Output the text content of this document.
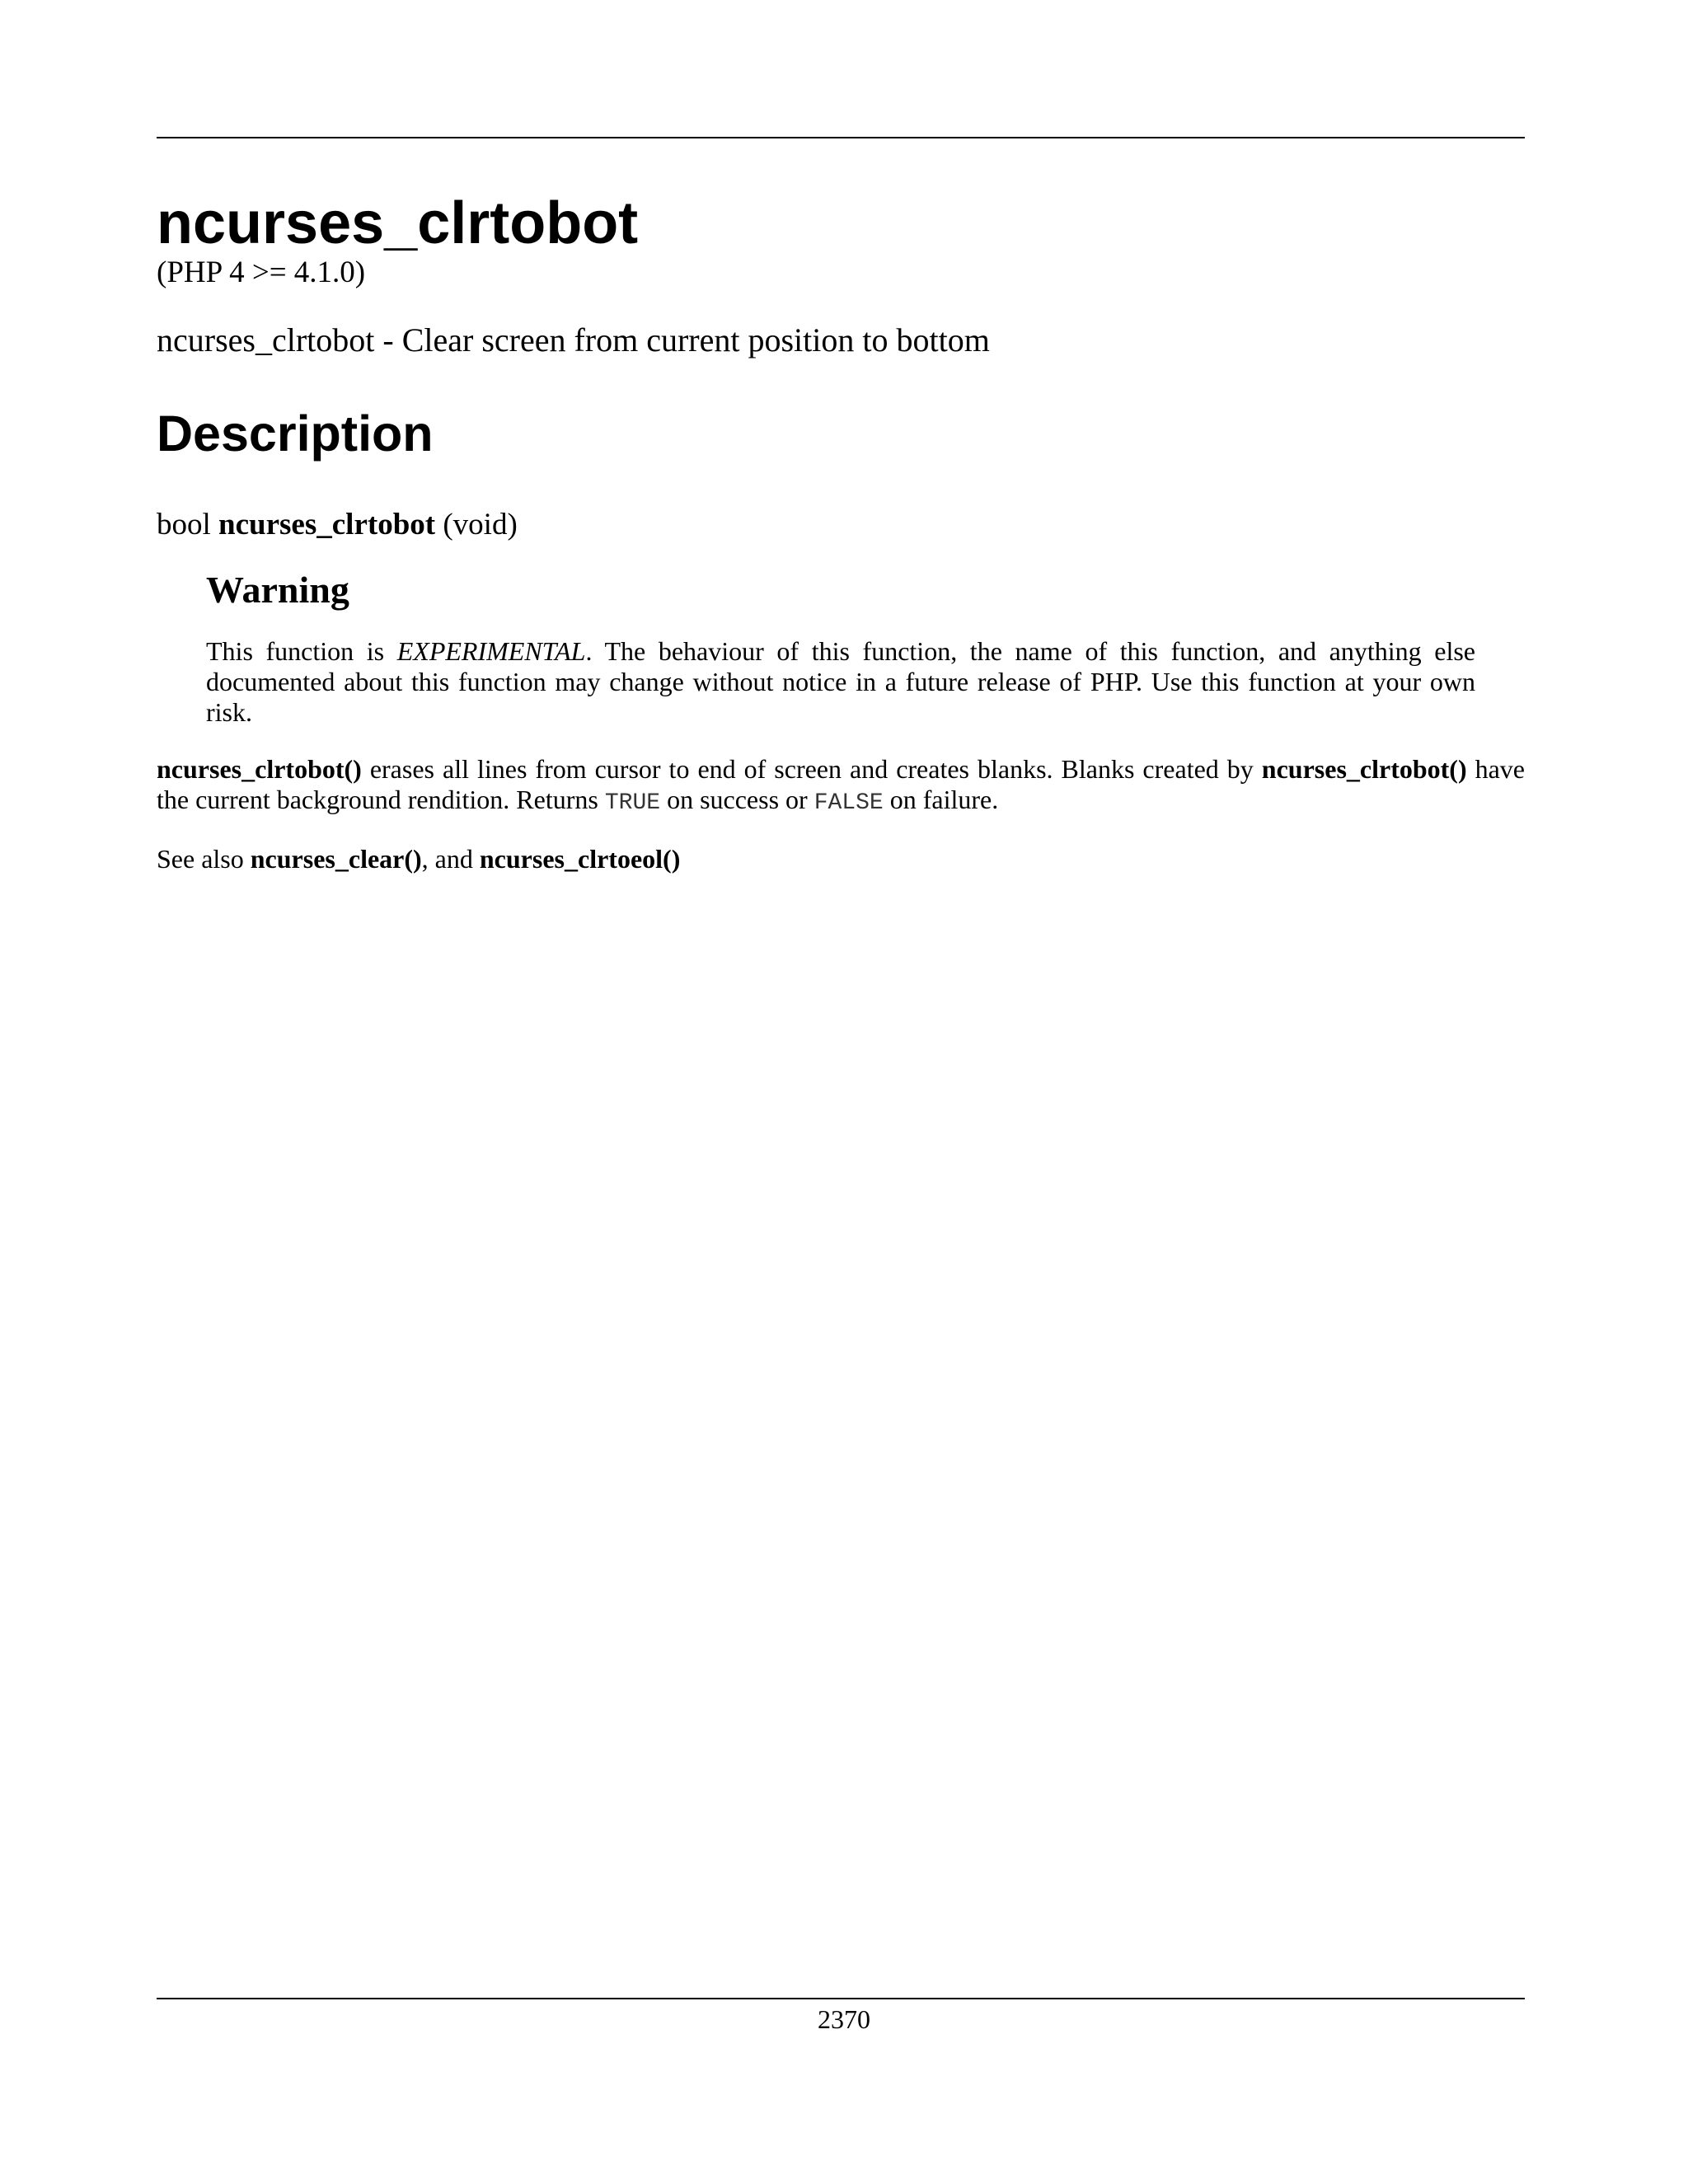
ncurses_clrtobot
(PHP 4 >= 4.1.0)
ncurses_clrtobot - Clear screen from current position to bottom
Description
bool ncurses_clrtobot (void)
Warning
This function is EXPERIMENTAL. The behaviour of this function, the name of this function, and anything else documented about this function may change without notice in a future release of PHP. Use this function at your own risk.
ncurses_clrtobot() erases all lines from cursor to end of screen and creates blanks. Blanks created by ncurses_clrtobot() have the current background rendition. Returns TRUE on success or FALSE on failure.
See also ncurses_clear(), and ncurses_clrtoeol()
2370
